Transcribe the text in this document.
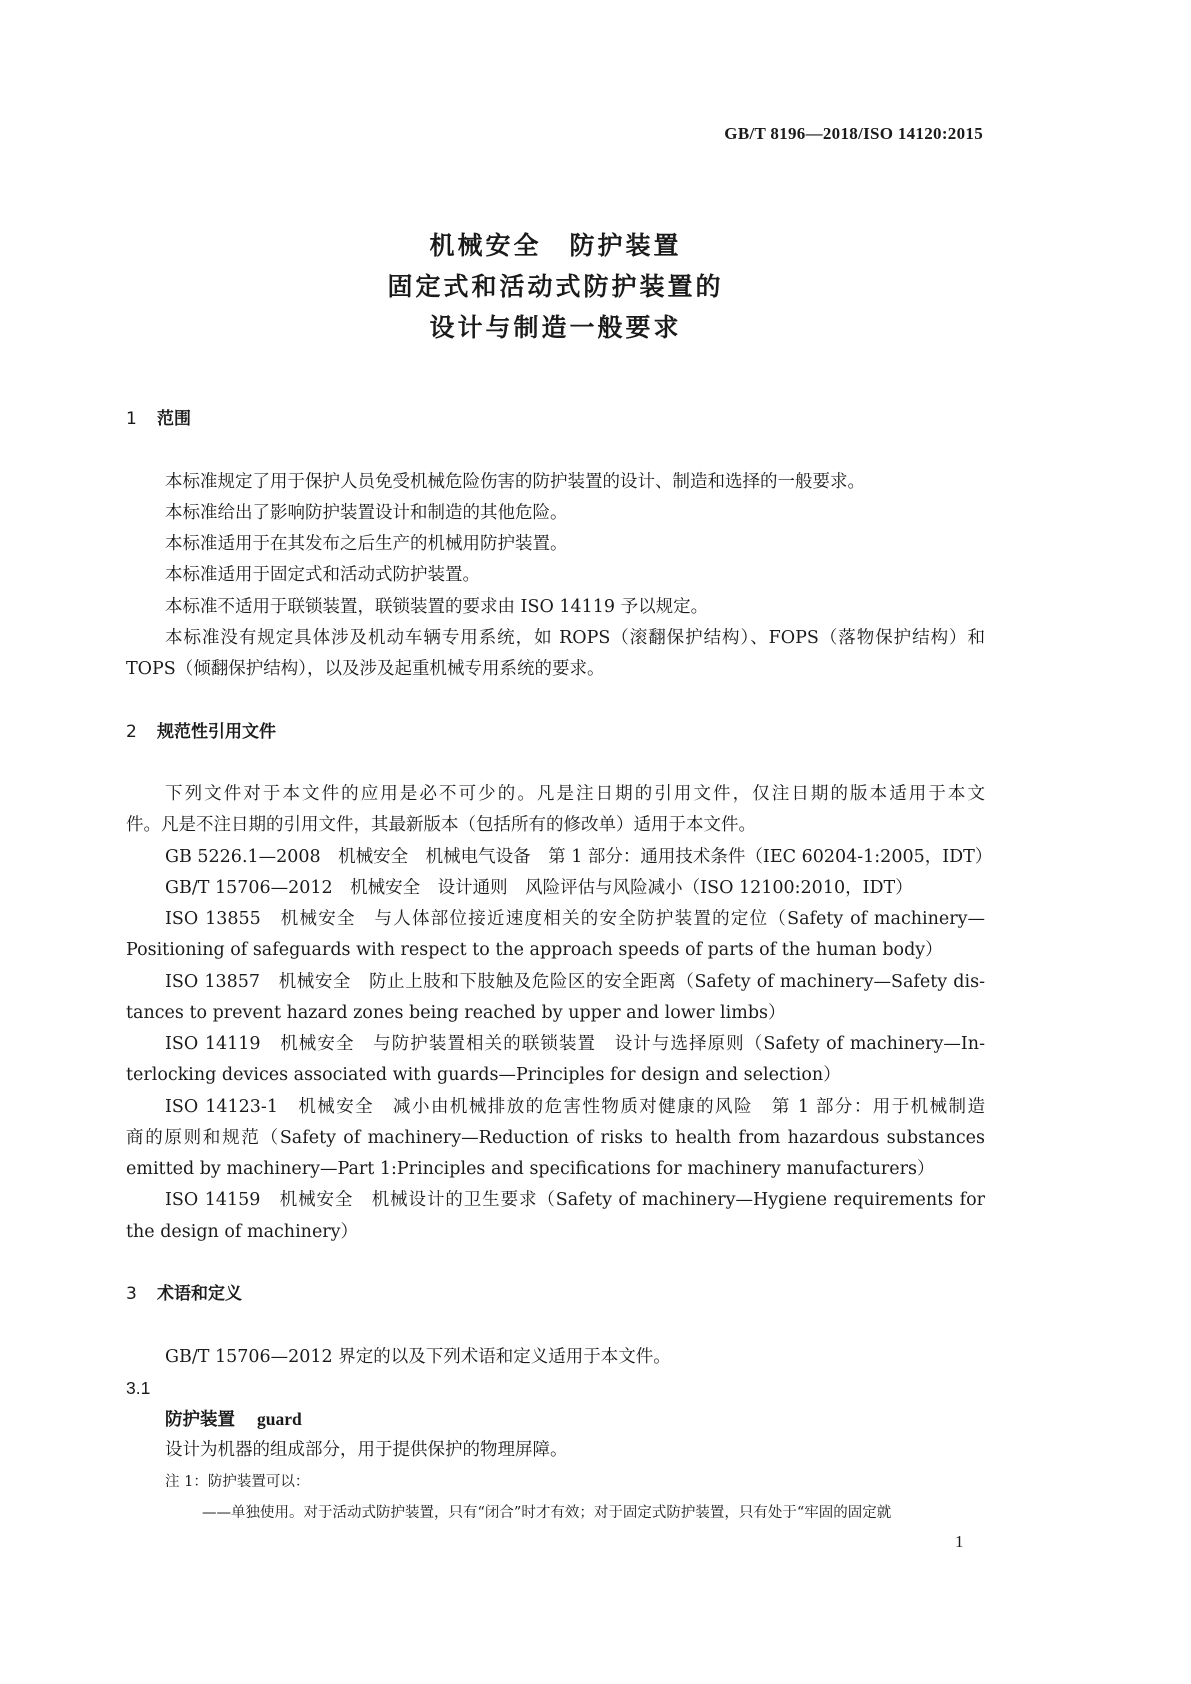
GB/T 8196—2018/ISO 14120:2015
机械安全　防护装置
固定式和活动式防护装置的
设计与制造一般要求
1 范围
本标准规定了用于保护人员免受机械危险伤害的防护装置的设计、制造和选择的一般要求。
本标准给出了影响防护装置设计和制造的其他危险。
本标准适用于在其发布之后生产的机械用防护装置。
本标准适用于固定式和活动式防护装置。
本标准不适用于联锁装置，联锁装置的要求由 ISO 14119 予以规定。
本标准没有规定具体涉及机动车辆专用系统，如 ROPS（滚翻保护结构）、FOPS（落物保护结构）和
TOPS（倾翻保护结构），以及涉及起重机械专用系统的要求。
2 规范性引用文件
下列文件对于本文件的应用是必不可少的。凡是注日期的引用文件，仅注日期的版本适用于本文
件。凡是不注日期的引用文件，其最新版本（包括所有的修改单）适用于本文件。
GB 5226.1—2008　机械安全　机械电气设备　第 1 部分：通用技术条件（IEC 60204-1:2005，IDT）
GB/T 15706—2012　机械安全　设计通则　风险评估与风险减小（ISO 12100:2010，IDT）
ISO 13855　机械安全　与人体部位接近速度相关的安全防护装置的定位（Safety of machinery—
Positioning of safeguards with respect to the approach speeds of parts of the human body）
ISO 13857　机械安全　防止上肢和下肢触及危险区的安全距离（Safety of machinery—Safety dis-
tances to prevent hazard zones being reached by upper and lower limbs）
ISO 14119　机械安全　与防护装置相关的联锁装置　设计与选择原则（Safety of machinery—In-
terlocking devices associated with guards—Principles for design and selection）
ISO 14123-1　机械安全　减小由机械排放的危害性物质对健康的风险　第 1 部分：用于机械制造
商的原则和规范（Safety of machinery—Reduction of risks to health from hazardous substances
emitted by machinery—Part 1:Principles and specifications for machinery manufacturers）
ISO 14159　机械安全　机械设计的卫生要求（Safety of machinery—Hygiene requirements for
the design of machinery）
3 术语和定义
GB/T 15706—2012 界定的以及下列术语和定义适用于本文件。
3.1
防护装置 guard
设计为机器的组成部分，用于提供保护的物理屏障。
注 1：防护装置可以：
——单独使用。对于活动式防护装置，只有“闭合”时才有效；对于固定式防护装置，只有处于“牢固的固定就
1
